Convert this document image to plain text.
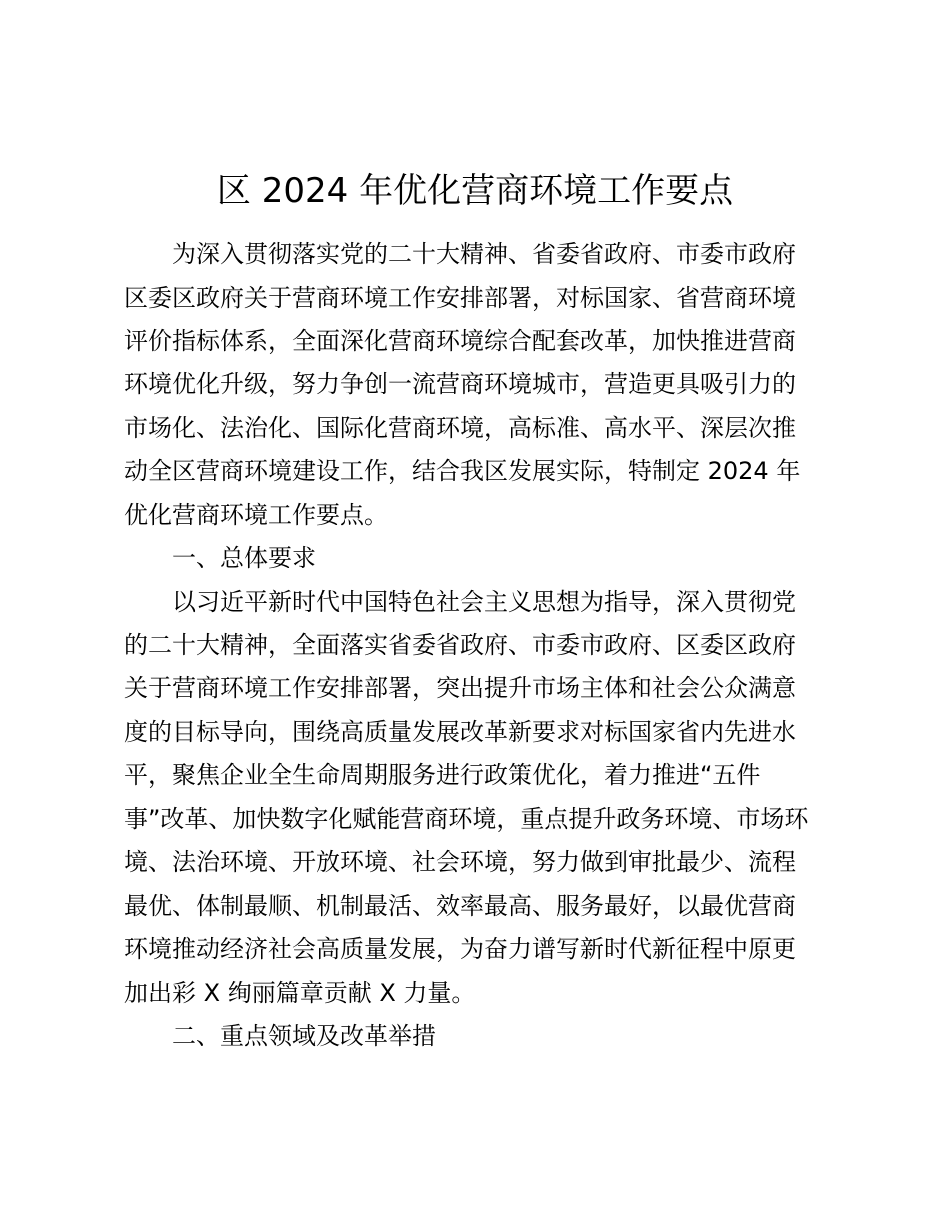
区 2024 年优化营商环境工作要点

为深入贯彻落实党的二十大精神、省委省政府、市委市政府

区委区政府关于营商环境工作安排部署，对标国家、省营商环境

评价指标体系，全面深化营商环境综合配套改革，加快推进营商

环境优化升级，努力争创一流营商环境城市，营造更具吸引力的

市场化、法治化、国际化营商环境，高标准、高水平、深层次推

动全区营商环境建设工作，结合我区发展实际，特制定 2024 年

优化营商环境工作要点。

一、总体要求

以习近平新时代中国特色社会主义思想为指导，深入贯彻党

的二十大精神，全面落实省委省政府、市委市政府、区委区政府

关于营商环境工作安排部署，突出提升市场主体和社会公众满意

度的目标导向，围绕高质量发展改革新要求对标国家省内先进水

平，聚焦企业全生命周期服务进行政策优化，着力推进“五件

事”改革、加快数字化赋能营商环境，重点提升政务环境、市场环

境、法治环境、开放环境、社会环境，努力做到审批最少、流程

最优、体制最顺、机制最活、效率最高、服务最好，以最优营商

环境推动经济社会高质量发展，为奋力谱写新时代新征程中原更

加出彩 X 绚丽篇章贡献 X 力量。

二、重点领域及改革举措
